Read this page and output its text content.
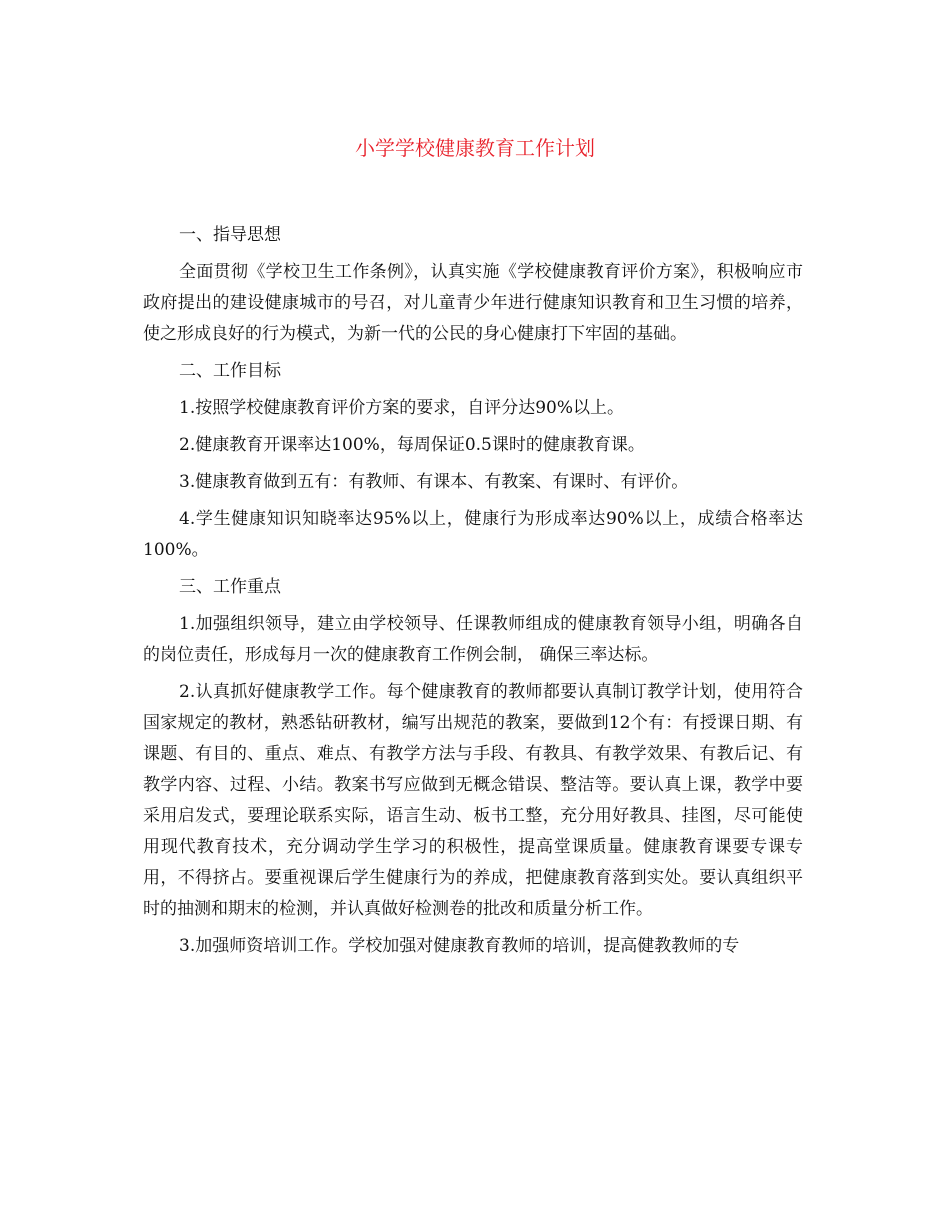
小学学校健康教育工作计划
一、指导思想
全面贯彻《学校卫生工作条例》，认真实施《学校健康教育评价方案》，积极响应市政府提出的建设健康城市的号召，对儿童青少年进行健康知识教育和卫生习惯的培养，使之形成良好的行为模式，为新一代的公民的身心健康打下牢固的基础。
二、工作目标
1.按照学校健康教育评价方案的要求，自评分达90%以上。
2.健康教育开课率达100%，每周保证0.5课时的健康教育课。
3.健康教育做到五有：有教师、有课本、有教案、有课时、有评价。
4.学生健康知识知晓率达95%以上，健康行为形成率达90%以上，成绩合格率达100%。
三、工作重点
1.加强组织领导，建立由学校领导、任课教师组成的健康教育领导小组，明确各自的岗位责任，形成每月一次的健康教育工作例会制， 确保三率达标。
2.认真抓好健康教学工作。每个健康教育的教师都要认真制订教学计划，使用符合国家规定的教材，熟悉钻研教材，编写出规范的教案，要做到12个有：有授课日期、有课题、有目的、重点、难点、有教学方法与手段、有教具、有教学效果、有教后记、有教学内容、过程、小结。教案书写应做到无概念错误、整洁等。要认真上课，教学中要采用启发式，要理论联系实际，语言生动、板书工整，充分用好教具、挂图，尽可能使用现代教育技术，充分调动学生学习的积极性，提高堂课质量。健康教育课要专课专用，不得挤占。要重视课后学生健康行为的养成，把健康教育落到实处。要认真组织平时的抽测和期末的检测，并认真做好检测卷的批改和质量分析工作。
3.加强师资培训工作。学校加强对健康教育教师的培训，提高健教教师的专
